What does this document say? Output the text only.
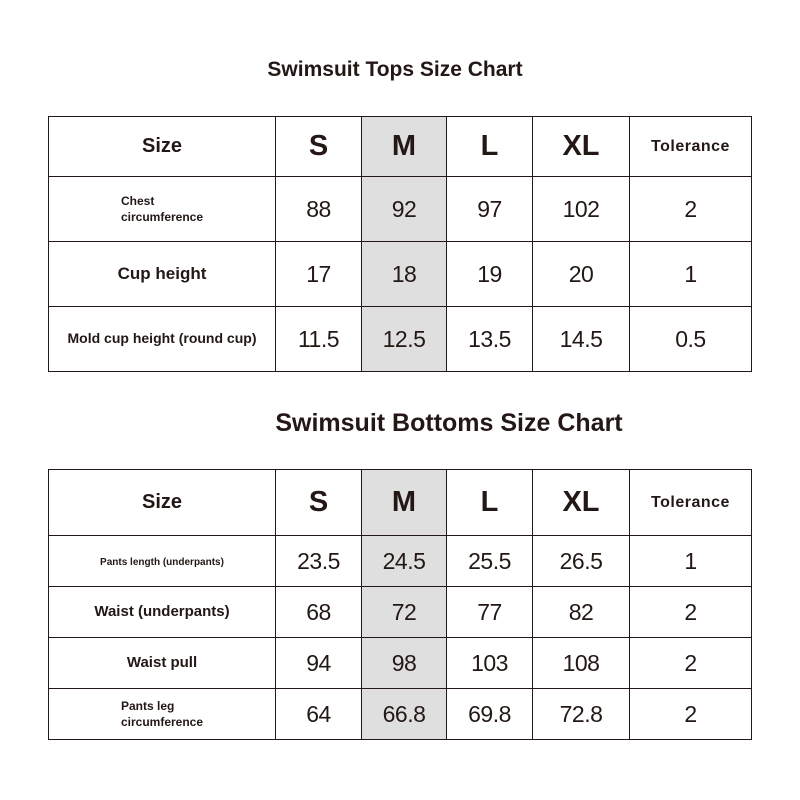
Swimsuit Tops Size Chart
Size	S	M	L	XL	Tolerance
Chest
circumference	88	92	97	102	2
Cup height	17	18	19	20	1
Mold cup height (round cup)	11.5	12.5	13.5	14.5	0.5
Swimsuit Bottoms Size Chart
Size	S	M	L	XL	Tolerance
Pants length (underpants)	23.5	24.5	25.5	26.5	1
Waist (underpants)	68	72	77	82	2
Waist pull	94	98	103	108	2
Pants leg
circumference	64	66.8	69.8	72.8	2
